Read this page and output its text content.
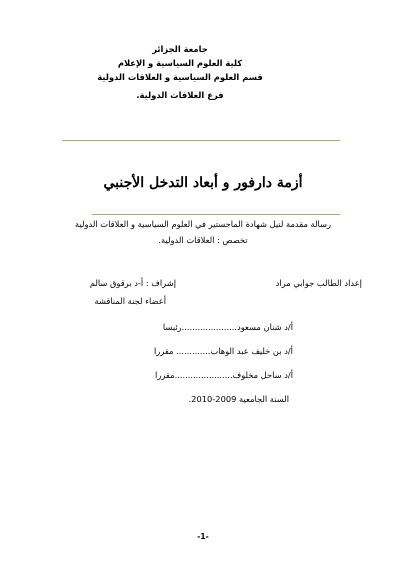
جامعة الجزائر
كلية العلوم السياسية و الإعلام
قسم العلوم السياسية و العلاقات الدولية
فرع العلاقات الدولية.
أزمة دارفور و أبعاد التدخل الأجنبي
رسالة مقدمة لنيل شهادة الماجستير في العلوم السياسية و العلاقات الدولية
تخصص : العلاقات الدولية.
إعداد الطالب جوابي مراد
إشراف : أ-د برقوق سالم
أعضاء لجنة المناقشة
أ/د شنان مسعود.....................رئيسا
أ/د بن خليف عبد الوهاب............. مقررا
أ/د ساحل مخلوف......................مقررا
السنة الجامعية 2009-2010.
-1-
